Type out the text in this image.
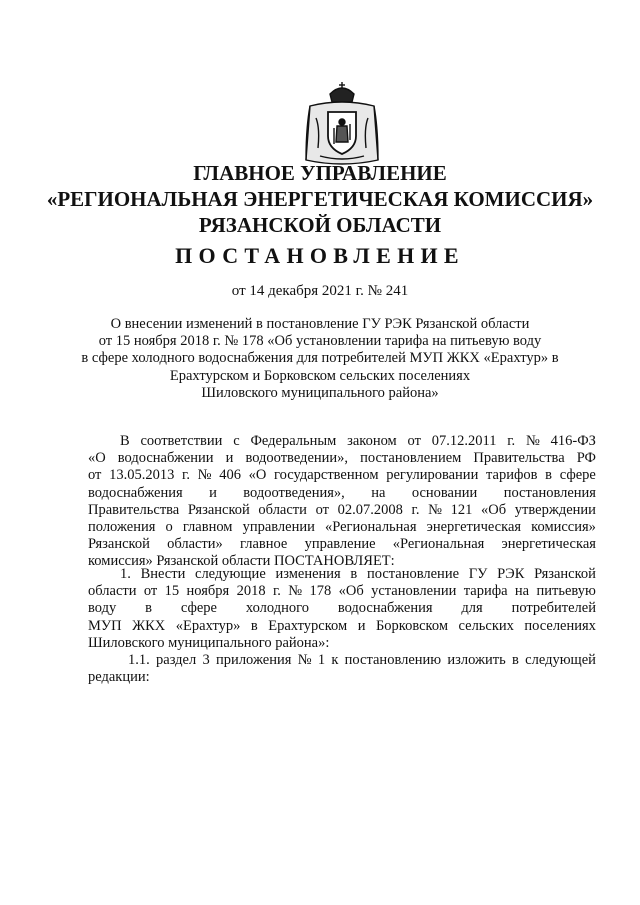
ГЛАВНОЕ УПРАВЛЕНИЕ
«РЕГИОНАЛЬНАЯ ЭНЕРГЕТИЧЕСКАЯ КОМИССИЯ»
РЯЗАНСКОЙ ОБЛАСТИ
ПОСТАНОВЛЕНИЕ
от 14 декабря 2021 г. № 241
О внесении изменений в постановление ГУ РЭК Рязанской области
от 15 ноября 2018 г. № 178 «Об установлении тарифа на питьевую воду
в сфере холодного водоснабжения для потребителей МУП ЖКХ «Ерахтур» в
Ерахтурском и Борковском сельских поселениях
Шиловского муниципального района»
В соответствии с Федеральным законом от 07.12.2011 г. № 416-ФЗ
«О водоснабжении и водоотведении», постановлением Правительства РФ
от 13.05.2013 г. № 406 «О государственном регулировании тарифов в сфере
водоснабжения и водоотведения», на основании постановления
Правительства Рязанской области от 02.07.2008 г. № 121 «Об утверждении
положения о главном управлении «Региональная энергетическая комиссия»
Рязанской области» главное управление «Региональная энергетическая
комиссия» Рязанской области ПОСТАНОВЛЯЕТ:
1. Внести следующие изменения в постановление ГУ РЭК Рязанской
области от 15 ноября 2018 г. № 178 «Об установлении тарифа на питьевую
воду в сфере холодного водоснабжения для потребителей
МУП ЖКХ «Ерахтур» в Ерахтурском и Борковском сельских поселениях
Шиловского муниципального района»:
1.1. раздел 3 приложения № 1 к постановлению изложить в следующей
редакции:
